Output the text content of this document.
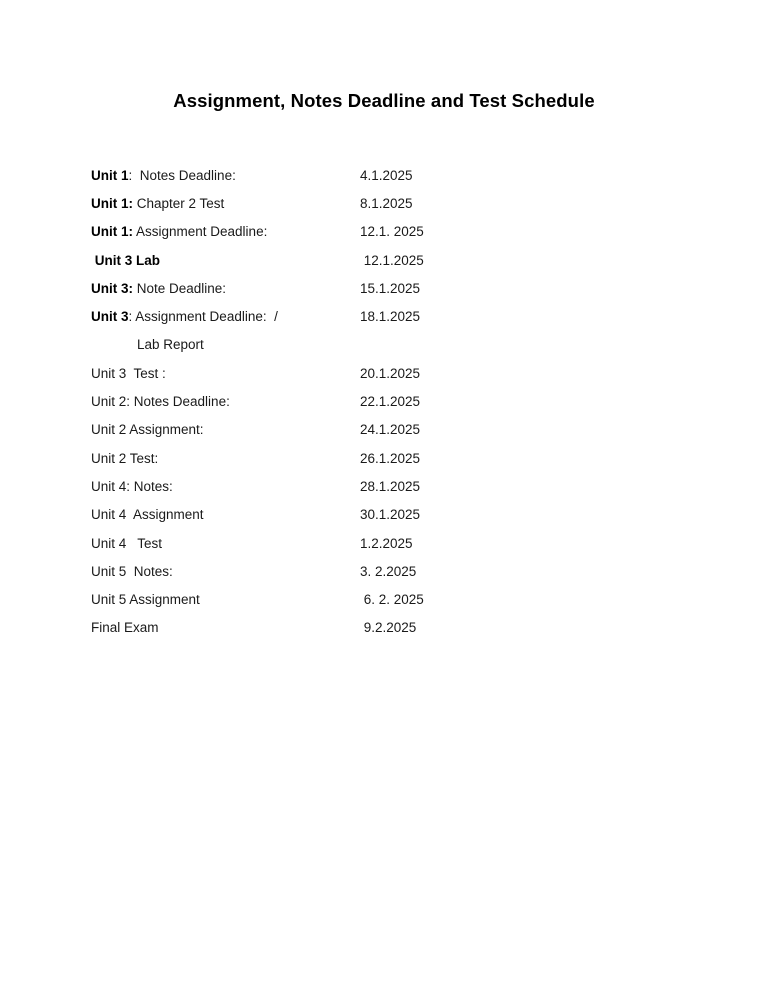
Assignment, Notes Deadline and Test Schedule
Unit 1:  Notes Deadline:	4.1.2025
Unit 1: Chapter 2 Test	8.1.2025
Unit 1: Assignment Deadline:	12.1. 2025
Unit 3 Lab	12.1.2025
Unit 3: Note Deadline:	15.1.2025
Unit 3: Assignment Deadline:  /	18.1.2025
Lab Report
Unit 3  Test :	20.1.2025
Unit 2: Notes Deadline:	22.1.2025
Unit 2 Assignment:	24.1.2025
Unit 2 Test:	26.1.2025
Unit 4: Notes:	28.1.2025
Unit 4  Assignment	30.1.2025
Unit 4   Test	1.2.2025
Unit 5  Notes:	3. 2.2025
Unit 5 Assignment	6. 2. 2025
Final Exam	9.2.2025
